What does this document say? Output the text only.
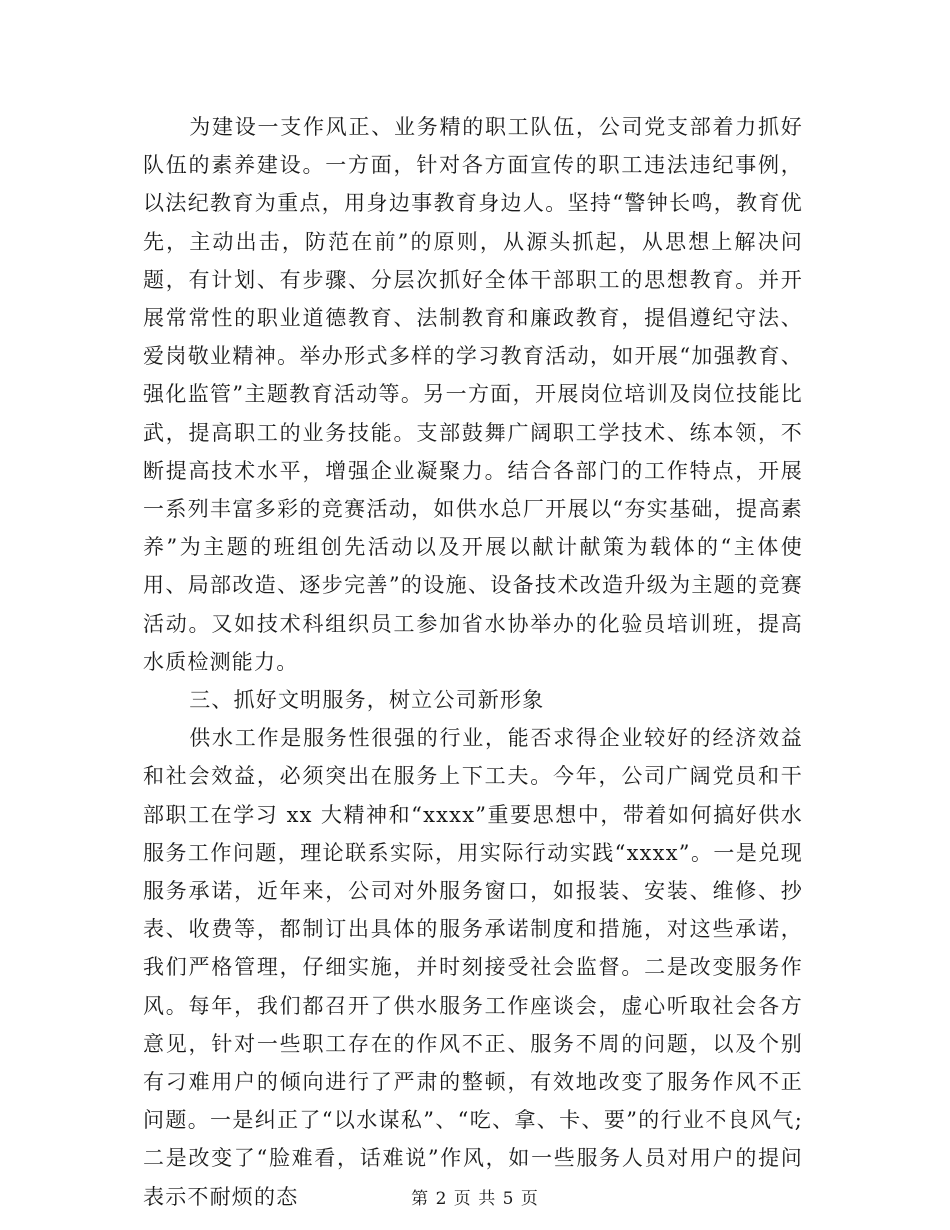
为建设一支作风正、业务精的职工队伍，公司党支部着力抓好队伍的素养建设。一方面，针对各方面宣传的职工违法违纪事例，以法纪教育为重点，用身边事教育身边人。坚持“警钟长鸣，教育优先，主动出击，防范在前”的原则，从源头抓起，从思想上解决问题，有计划、有步骤、分层次抓好全体干部职工的思想教育。并开展常常性的职业道德教育、法制教育和廉政教育，提倡遵纪守法、爱岗敬业精神。举办形式多样的学习教育活动，如开展“加强教育、强化监管”主题教育活动等。另一方面，开展岗位培训及岗位技能比武，提高职工的业务技能。支部鼓舞广阔职工学技术、练本领，不断提高技术水平，增强企业凝聚力。结合各部门的工作特点，开展一系列丰富多彩的竞赛活动，如供水总厂开展以“夯实基础，提高素养”为主题的班组创先活动以及开展以献计献策为载体的“主体使用、局部改造、逐步完善”的设施、设备技术改造升级为主题的竞赛活动。又如技术科组织员工参加省水协举办的化验员培训班，提高水质检测能力。

三、抓好文明服务，树立公司新形象

供水工作是服务性很强的行业，能否求得企业较好的经济效益和社会效益，必须突出在服务上下工夫。今年，公司广阔党员和干部职工在学习 xx 大精神和“xxxx”重要思想中，带着如何搞好供水服务工作问题，理论联系实际，用实际行动实践“xxxx”。一是兑现服务承诺，近年来，公司对外服务窗口，如报装、安装、维修、抄表、收费等，都制订出具体的服务承诺制度和措施，对这些承诺，我们严格管理，仔细实施，并时刻接受社会监督。二是改变服务作风。每年，我们都召开了供水服务工作座谈会，虚心听取社会各方意见，针对一些职工存在的作风不正、服务不周的问题，以及个别有刁难用户的倾向进行了严肃的整顿，有效地改变了服务作风不正问题。一是纠正了“以水谋私”、“吃、拿、卡、要”的行业不良风气;二是改变了“脸难看，话难说”作风，如一些服务人员对用户的提问表示不耐烦的态	第 2 页 共 5 页
